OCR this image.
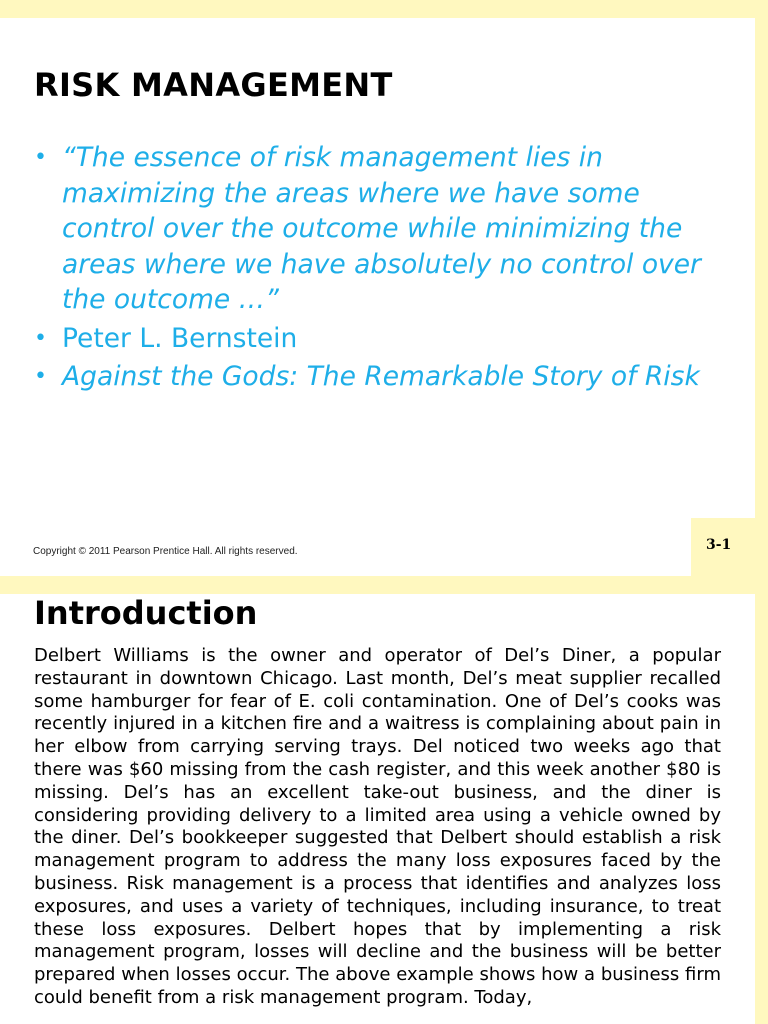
RISK MANAGEMENT
• “The essence of risk management lies in maximizing the areas where we have some control over the outcome while minimizing the areas where we have absolutely no control over the outcome …”
• Peter L. Bernstein
• Against the Gods: The Remarkable Story of Risk
Copyright © 2011 Pearson Prentice Hall. All rights reserved.	3-1
Introduction

Delbert Williams is the owner and operator of Del’s Diner, a popular restaurant in downtown Chicago. Last month, Del’s meat supplier recalled some hamburger for fear of E. coli contamination. One of Del’s cooks was recently injured in a kitchen fire and a waitress is complaining about pain in her elbow from carrying serving trays. Del noticed two weeks ago that there was $60 missing from the cash register, and this week another $80 is missing. Del’s has an excellent take-out business, and the diner is considering providing delivery to a limited area using a vehicle owned by the diner. Del’s bookkeeper suggested that Delbert should establish a risk management program to address the many loss exposures faced by the business. Risk management is a process that identifies and analyzes loss exposures, and uses a variety of techniques, including insurance, to treat these loss exposures. Delbert hopes that by implementing a risk management program, losses will decline and the business will be better prepared when losses occur. The above example shows how a business firm could benefit from a risk management program. Today,
